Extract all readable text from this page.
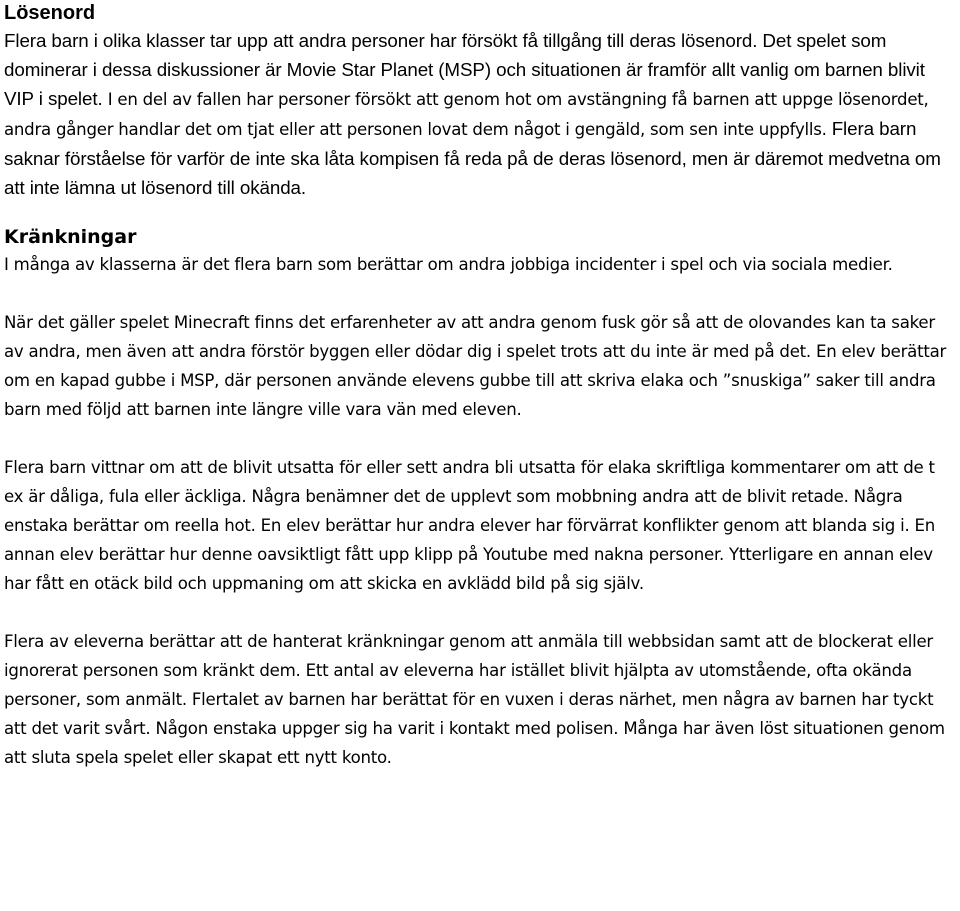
Lösenord

Flera barn i olika klasser tar upp att andra personer har försökt få tillgång till deras lösenord. Det spelet som dominerar i dessa diskussioner är Movie Star Planet (MSP) och situationen är framför allt vanlig om barnen blivit VIP i spelet. I en del av fallen har personer försökt att genom hot om avstängning få barnen att uppge lösenordet, andra gånger handlar det om tjat eller att personen lovat dem något i gengäld, som sen inte uppfylls. Flera barn saknar förståelse för varför de inte ska låta kompisen få reda på de deras lösenord, men är däremot medvetna om att inte lämna ut lösenord till okända.

Kränkningar

I många av klasserna är det flera barn som berättar om andra jobbiga incidenter i spel och via sociala medier.

När det gäller spelet Minecraft finns det erfarenheter av att andra genom fusk gör så att de olovandes kan ta saker av andra, men även att andra förstör byggen eller dödar dig i spelet trots att du inte är med på det. En elev berättar om en kapad gubbe i MSP, där personen använde elevens gubbe till att skriva elaka och ”snuskiga” saker till andra barn med följd att barnen inte längre ville vara vän med eleven.

Flera barn vittnar om att de blivit utsatta för eller sett andra bli utsatta för elaka skriftliga kommentarer om att de t ex är dåliga, fula eller äckliga. Några benämner det de upplevt som mobbning andra att de blivit retade. Några enstaka berättar om reella hot. En elev berättar hur andra elever har förvärrat konflikter genom att blanda sig i. En annan elev berättar hur denne oavsiktligt fått upp klipp på Youtube med nakna personer. Ytterligare en annan elev har fått en otäck bild och uppmaning om att skicka en avklädd bild på sig själv.

Flera av eleverna berättar att de hanterat kränkningar genom att anmäla till webbsidan samt att de blockerat eller ignorerat personen som kränkt dem. Ett antal av eleverna har istället blivit hjälpta av utomstående, ofta okända personer, som anmält. Flertalet av barnen har berättat för en vuxen i deras närhet, men några av barnen har tyckt att det varit svårt. Någon enstaka uppger sig ha varit i kontakt med polisen. Många har även löst situationen genom att sluta spela spelet eller skapat ett nytt konto.
